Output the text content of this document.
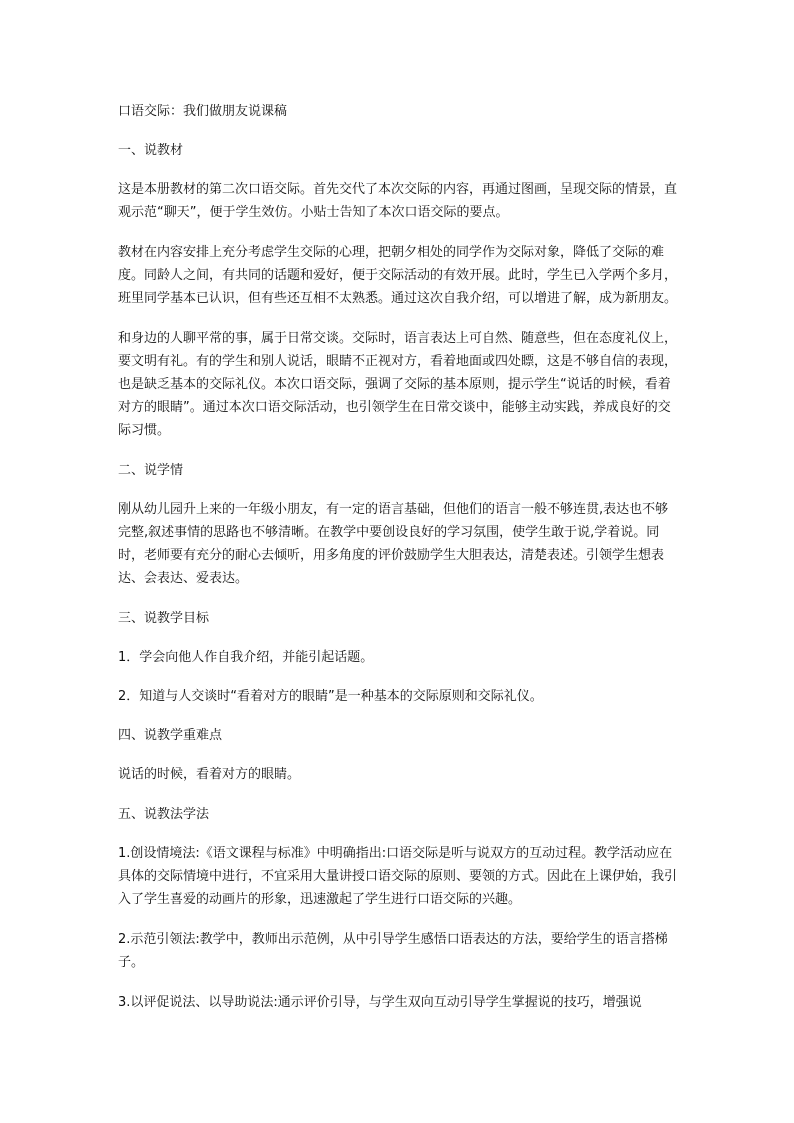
口语交际：我们做朋友说课稿

一、说教材

这是本册教材的第二次口语交际。首先交代了本次交际的内容，再通过图画，呈现交际的情景，直观示范“聊天”，便于学生效仿。小贴士告知了本次口语交际的要点。

教材在内容安排上充分考虑学生交际的心理，把朝夕相处的同学作为交际对象，降低了交际的难度。同龄人之间，有共同的话题和爱好，便于交际活动的有效开展。此时，学生已入学两个多月，班里同学基本已认识，但有些还互相不太熟悉。通过这次自我介绍，可以增进了解，成为新朋友。

和身边的人聊平常的事，属于日常交谈。交际时，语言表达上可自然、随意些，但在态度礼仪上，要文明有礼。有的学生和别人说话，眼睛不正视对方，看着地面或四处瞟，这是不够自信的表现，也是缺乏基本的交际礼仪。本次口语交际，强调了交际的基本原则，提示学生“说话的时候，看着对方的眼睛”。通过本次口语交际活动，也引领学生在日常交谈中，能够主动实践，养成良好的交际习惯。

二、说学情

刚从幼儿园升上来的一年级小朋友，有一定的语言基础，但他们的语言一般不够连贯,表达也不够完整,叙述事情的思路也不够清晰。在教学中要创设良好的学习氛围，使学生敢于说,学着说。同时，老师要有充分的耐心去倾听，用多角度的评价鼓励学生大胆表达，清楚表述。引领学生想表达、会表达、爱表达。

三、说教学目标

1．学会向他人作自我介绍，并能引起话题。

2．知道与人交谈时“看着对方的眼睛”是一种基本的交际原则和交际礼仪。

四、说教学重难点

说话的时候，看着对方的眼睛。

五、说教法学法

1.创设情境法:《语文课程与标准》中明确指出:口语交际是听与说双方的互动过程。教学活动应在具体的交际情境中进行，不宜采用大量讲授口语交际的原则、要领的方式。因此在上课伊始，我引入了学生喜爱的动画片的形象，迅速激起了学生进行口语交际的兴趣。

2.示范引领法:教学中，教师出示范例，从中引导学生感悟口语表达的方法，要给学生的语言搭梯子。

3.以评促说法、以导助说法:通示评价引导，与学生双向互动引导学生掌握说的技巧，增强说
